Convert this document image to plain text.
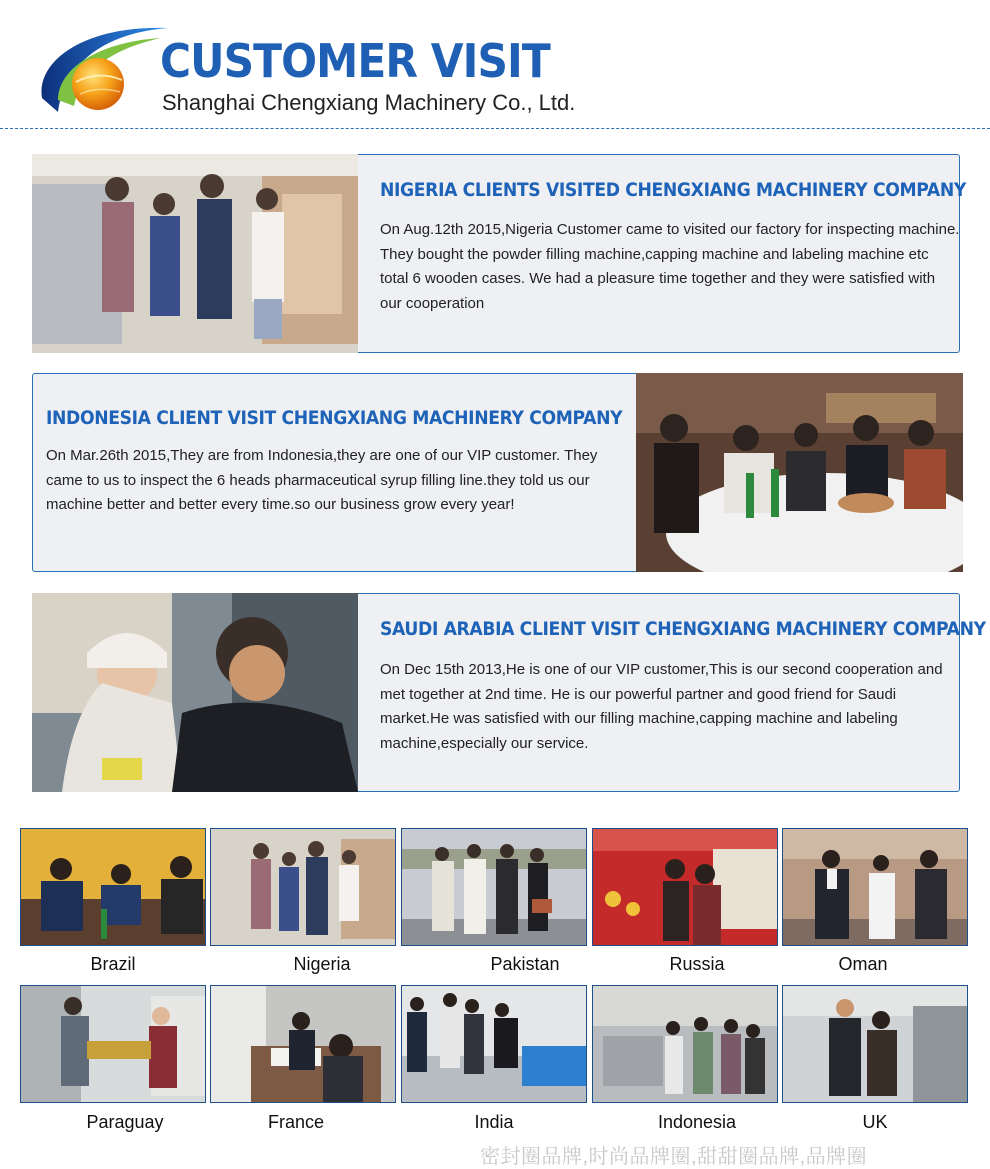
CUSTOMER VISIT
Shanghai Chengxiang Machinery Co., Ltd.
NIGERIA CLIENTS VISITED CHENGXIANG MACHINERY COMPANY
On Aug.12th 2015,Nigeria Customer came to visited our factory for inspecting machine.
They bought the powder filling machine,capping machine and labeling machine etc total 6 wooden cases. We had a pleasure time together and they were satisfied with our cooperation
INDONESIA CLIENT VISIT CHENGXIANG MACHINERY COMPANY
On Mar.26th 2015,They are from Indonesia,they are one of our VIP customer. They came to us to inspect the 6 heads pharmaceutical syrup filling line.they told us our machine better and better every time.so our business grow every year!
SAUDI ARABIA CLIENT VISIT CHENGXIANG MACHINERY COMPANY
On Dec 15th 2013,He is one of our VIP customer,This is our second cooperation and met together at 2nd time. He is our powerful partner and good friend for Saudi market.He was satisfied with our filling machine,capping machine and labeling machine,especially our service.
Brazil	Nigeria	Pakistan	Russia	Oman
Paraguay	France	India	Indonesia	UK
密封圈品牌,时尚品牌圈,甜甜圈品牌,品牌圈
